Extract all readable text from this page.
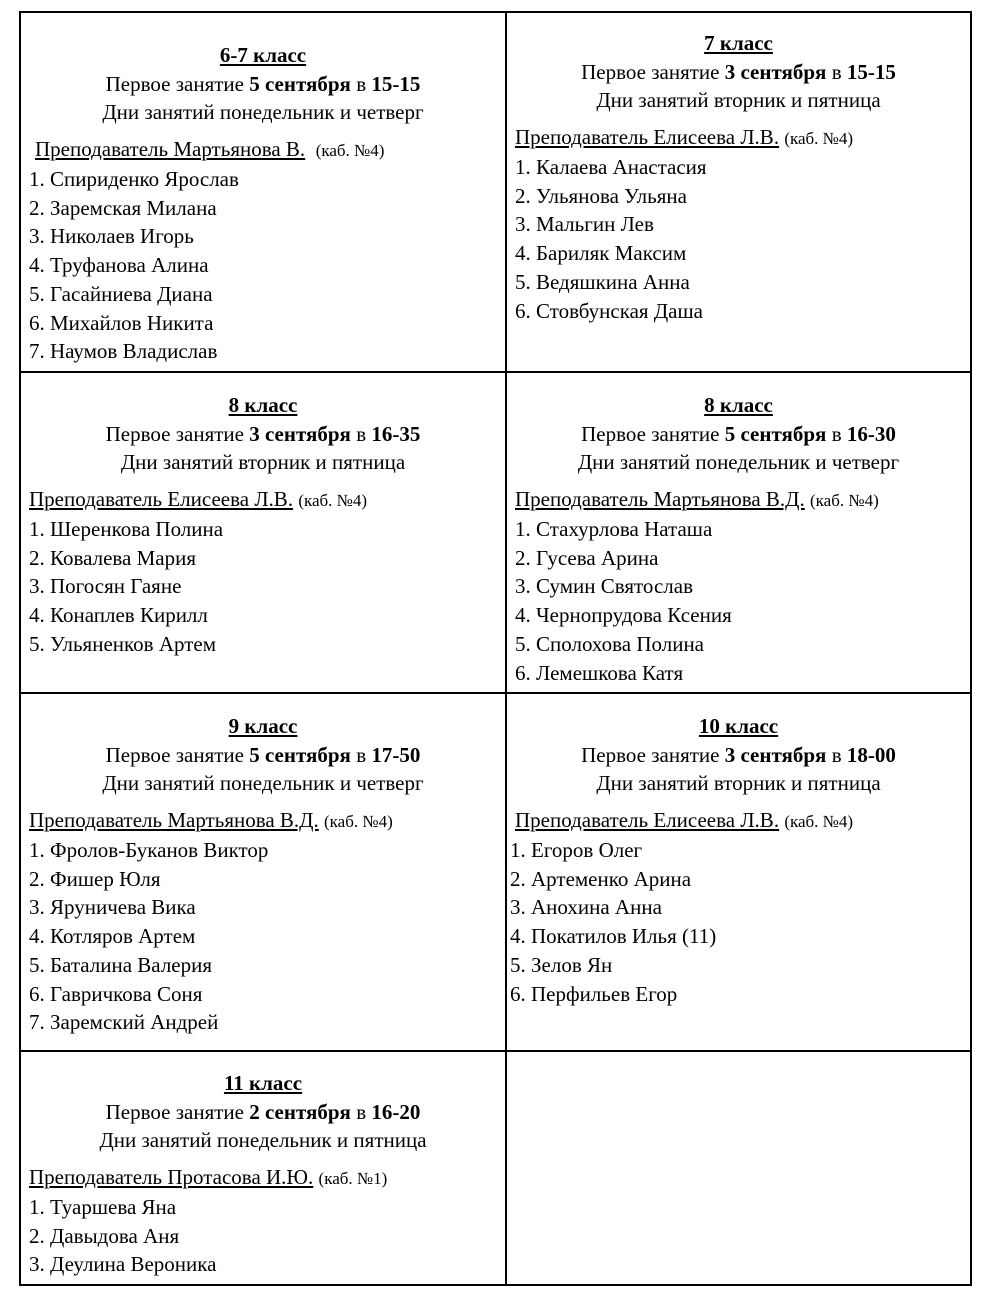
6-7 класс
Первое занятие 5 сентября в 15-15
Дни занятий понедельник и четверг
Преподаватель Мартьянова В. (каб. №4)
1. Спириденко Ярослав
2. Заремская Милана
3. Николаев Игорь
4. Труфанова Алина
5. Гасайниева Диана
6. Михайлов Никита
7. Наумов Владислав
7 класс
Первое занятие 3 сентября в 15-15
Дни занятий вторник и пятница
Преподаватель Елисеева Л.В. (каб. №4)
1. Калаева Анастасия
2. Ульянова Ульяна
3. Мальгин Лев
4. Бариляк Максим
5. Ведяшкина Анна
6. Стовбунская Даша
8 класс
Первое занятие 3 сентября в 16-35
Дни занятий вторник и пятница
Преподаватель Елисеева Л.В. (каб. №4)
1. Шеренкова Полина
2. Ковалева Мария
3. Погосян Гаяне
4. Конаплев Кирилл
5. Ульяненков Артем
8 класс
Первое занятие 5 сентября в 16-30
Дни занятий понедельник и четверг
Преподаватель Мартьянова В.Д. (каб. №4)
1. Стахурлова Наташа
2. Гусева Арина
3. Сумин Святослав
4. Чернопрудова Ксения
5. Сполохова Полина
6. Лемешкова Катя
9 класс
Первое занятие 5 сентября в 17-50
Дни занятий понедельник и четверг
Преподаватель Мартьянова В.Д. (каб. №4)
1. Фролов-Буканов Виктор
2. Фишер Юля
3. Яруничева Вика
4. Котляров Артем
5. Баталина Валерия
6. Гавричкова Соня
7. Заремский Андрей
10 класс
Первое занятие 3 сентября в 18-00
Дни занятий вторник и пятница
Преподаватель Елисеева Л.В. (каб. №4)
1. Егоров Олег
2. Артеменко Арина
3. Анохина Анна
4. Покатилов Илья (11)
5. Зелов Ян
6. Перфильев Егор
11 класс
Первое занятие 2 сентября в 16-20
Дни занятий понедельник и пятница
Преподаватель Протасова И.Ю. (каб. №1)
1. Туаршева Яна
2. Давыдова Аня
3. Деулина Вероника
